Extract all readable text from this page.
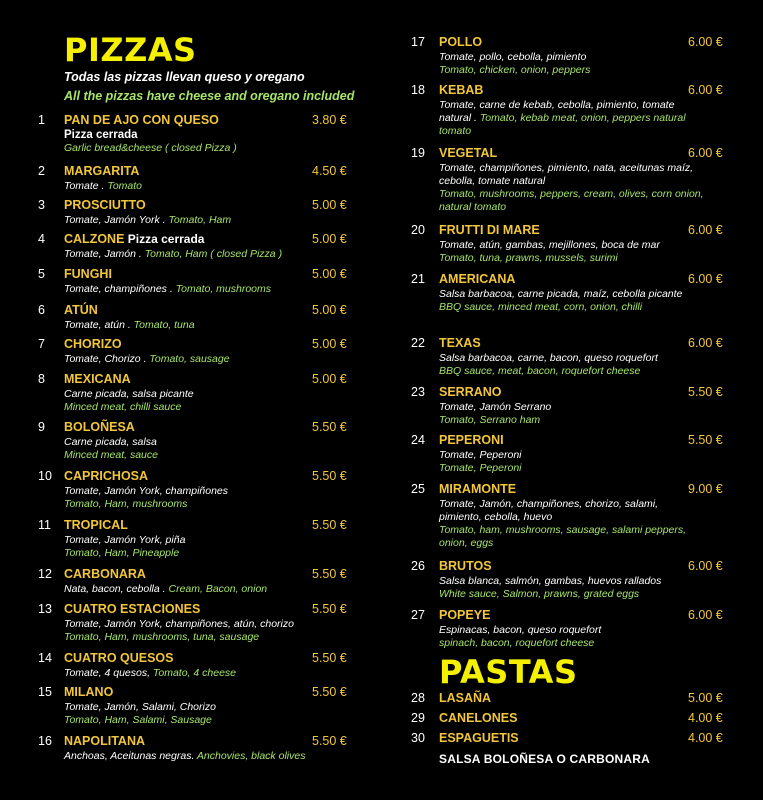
PIZZAS
Todas las pizzas llevan queso y oregano
All the pizzas have cheese and oregano included
1 PAN DE AJO CON QUESO	3.80 €
Pizza cerrada
Garlic bread&cheese ( closed Pizza )
2 MARGARITA	4.50 €
Tomate . Tomato
3 PROSCIUTTO	5.00 €
Tomate, Jamón York . Tomato, Ham
4 CALZONE Pizza cerrada	5.00 €
Tomate, Jamón . Tomato, Ham ( closed Pizza )
5 FUNGHI	5.00 €
Tomate, champiñones . Tomato, mushrooms
6 ATÚN	5.00 €
Tomate, atún . Tomato, tuna
7 CHORIZO	5.00 €
Tomate, Chorizo . Tomato, sausage
8 MEXICANA	5.00 €
Carne picada, salsa picante
Minced meat, chilli sauce
9 BOLOÑESA	5.50 €
Carne picada, salsa
Minced meat, sauce
10 CAPRICHOSA	5.50 €
Tomate, Jamón York, champiñones
Tomato, Ham, mushrooms
11 TROPICAL	5.50 €
Tomate, Jamón York, piña
Tomato, Ham, Pineapple
12 CARBONARA	5.50 €
Nata, bacon, cebolla . Cream, Bacon, onion
13 CUATRO ESTACIONES	5.50 €
Tomate, Jamón York, champiñones, atún, chorizo
Tomato, Ham, mushrooms, tuna, sausage
14 CUATRO QUESOS	5.50 €
Tomate, 4 quesos, Tomato, 4 cheese
15 MILANO	5.50 €
Tomate, Jamón, Salami, Chorizo
Tomato, Ham, Salami, Sausage
16 NAPOLITANA	5.50 €
Anchoas, Aceitunas negras. Anchovies, black olives
17 POLLO	6.00 €
Tomate, pollo, cebolla, pimiento
Tomato, chicken, onion, peppers
18 KEBAB	6.00 €
Tomate, carne de kebab, cebolla, pimiento, tomate natural . Tomato, kebab meat, onion, peppers natural tomato
19 VEGETAL	6.00 €
Tomate, champiñones, pimiento, nata, aceitunas maíz, cebolla, tomate natural
Tomato, mushrooms, peppers, cream, olives, corn onion, natural tomato
20 FRUTTI DI MARE	6.00 €
Tomate, atún, gambas, mejillones, boca de mar
Tomato, tuna, prawns, mussels, surimi
21 AMERICANA	6.00 €
Salsa barbacoa, carne picada, maíz, cebolla picante
BBQ sauce, minced meat, corn, onion, chilli
22 TEXAS	6.00 €
Salsa barbacoa, carne, bacon, queso roquefort
BBQ sauce, meat, bacon, roquefort cheese
23 SERRANO	5.50 €
Tomate, Jamón Serrano
Tomato, Serrano ham
24 PEPERONI	5.50 €
Tomate, Peperoni
Tomate, Peperoni
25 MIRAMONTE	9.00 €
Tomate, Jamón, champiñones, chorizo, salami, pimiento, cebolla, huevo
Tomato, ham, mushrooms, sausage, salami peppers, onion, eggs
26 BRUTOS	6.00 €
Salsa blanca, salmón, gambas, huevos rallados
White sauce, Salmon, prawns, grated eggs
27 POPEYE	6.00 €
Espinacas, bacon, queso roquefort
spinach, bacon, roquefort cheese
PASTAS
28 LASAÑA	5.00 €
29 CANELONES	4.00 €
30 ESPAGUETIS	4.00 €
SALSA BOLOÑESA O CARBONARA
